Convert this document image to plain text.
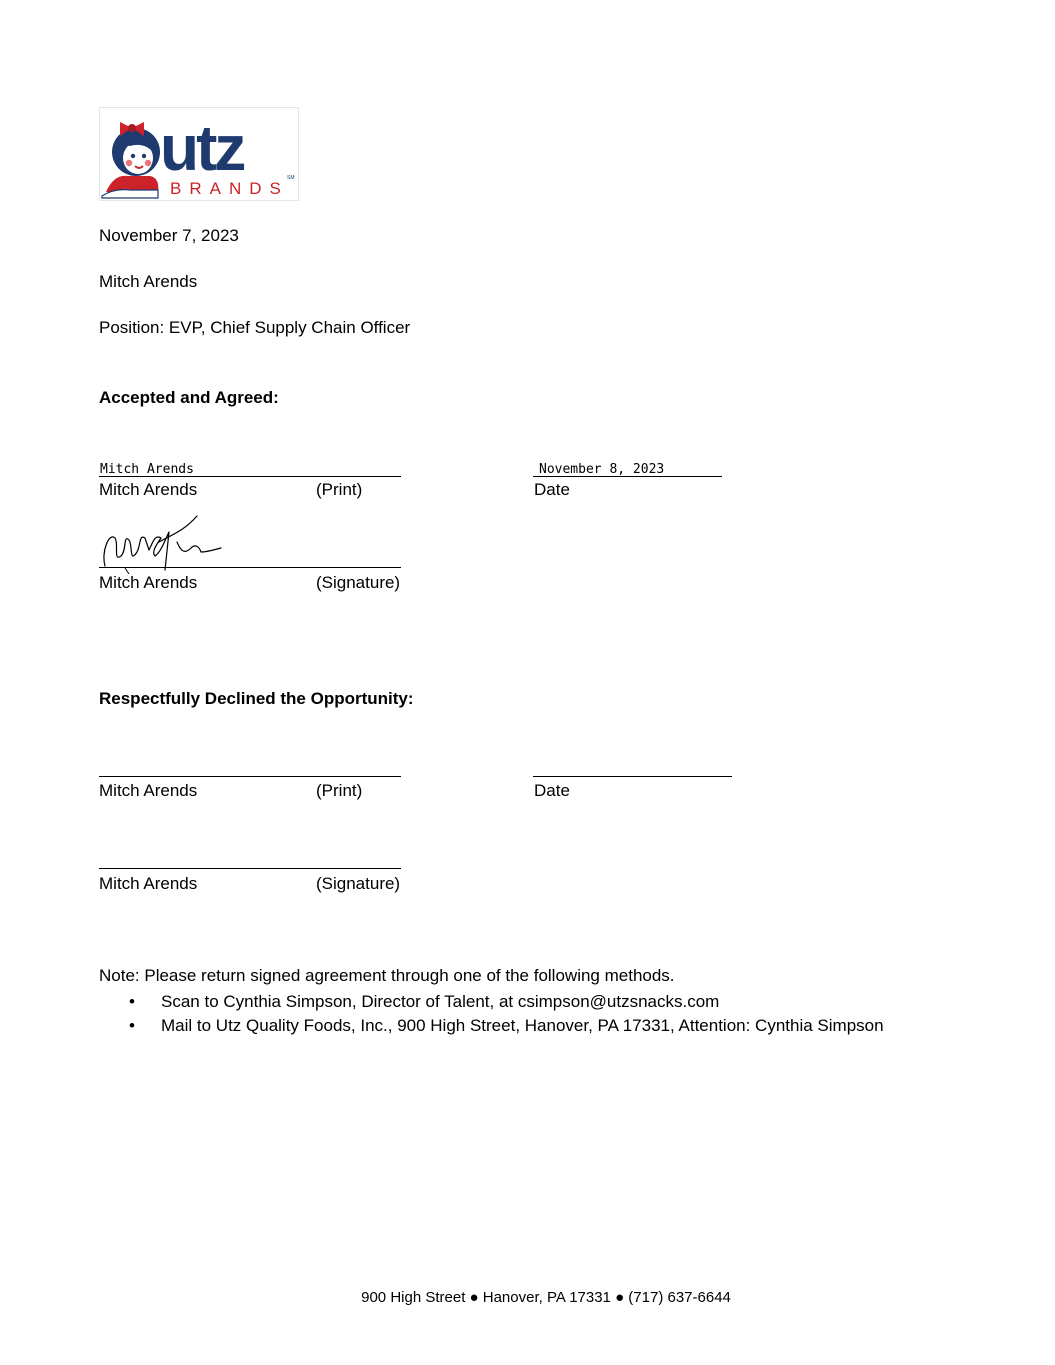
utz
BRANDS
SM
November 7, 2023
Mitch Arends
Position: EVP, Chief Supply Chain Officer
Accepted and Agreed:
Mitch Arends	November 8, 2023
Mitch Arends	(Print)	Date
Mitch Arends	(Signature)
Respectfully Declined the Opportunity:
Mitch Arends	(Print)	Date
Mitch Arends	(Signature)
Note: Please return signed agreement through one of the following methods.
• Scan to Cynthia Simpson, Director of Talent, at csimpson@utzsnacks.com
• Mail to Utz Quality Foods, Inc., 900 High Street, Hanover, PA 17331, Attention: Cynthia Simpson
900 High Street ● Hanover, PA 17331 ● (717) 637-6644
